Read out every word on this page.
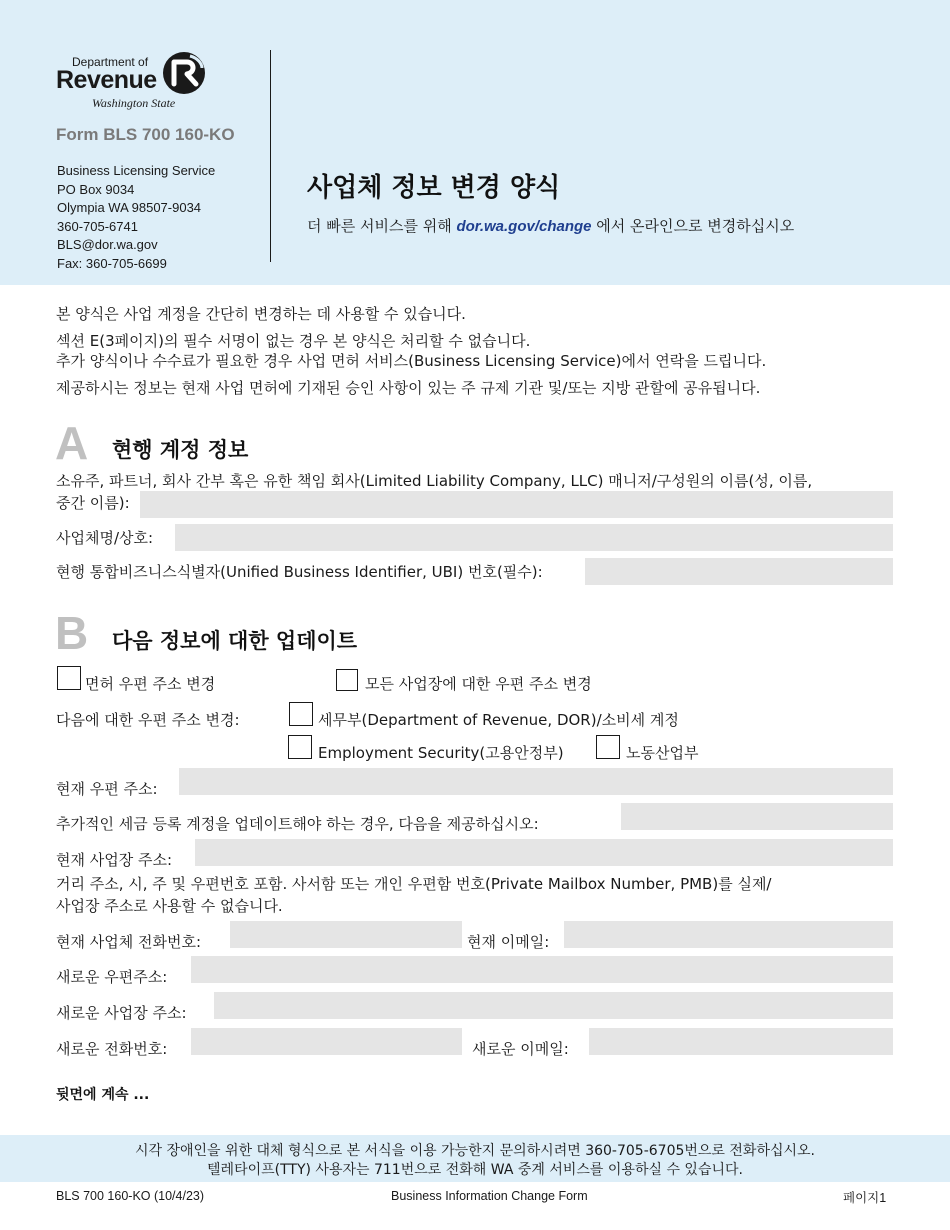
Department of
Revenue
Washington State
Form BLS 700 160-KO
Business Licensing Service
PO Box 9034
Olympia WA 98507-9034
360-705-6741
BLS@dor.wa.gov
Fax: 360-705-6699
사업체 정보 변경 양식
더 빠른 서비스를 위해 dor.wa.gov/change 에서 온라인으로 변경하십시오
본 양식은 사업 계정을 간단히 변경하는 데 사용할 수 있습니다.
섹션 E(3페이지)의 필수 서명이 없는 경우 본 양식은 처리할 수 없습니다.
추가 양식이나 수수료가 필요한 경우 사업 면허 서비스(Business Licensing Service)에서 연락을 드립니다.
제공하시는 정보는 현재 사업 면허에 기재된 승인 사항이 있는 주 규제 기관 및/또는 지방 관할에 공유됩니다.
A 현행 계정 정보
소유주, 파트너, 회사 간부 혹은 유한 책임 회사(Limited Liability Company, LLC) 매니저/구성원의 이름(성, 이름,
중간 이름):
사업체명/상호:
현행 통합비즈니스식별자(Unified Business Identifier, UBI) 번호(필수):
B 다음 정보에 대한 업데이트
면허 우편 주소 변경	모든 사업장에 대한 우편 주소 변경
다음에 대한 우편 주소 변경:	세무부(Department of Revenue, DOR)/소비세 계정
Employment Security(고용안정부)	노동산업부
현재 우편 주소:
추가적인 세금 등록 계정을 업데이트해야 하는 경우, 다음을 제공하십시오:
현재 사업장 주소:
거리 주소, 시, 주 및 우편번호 포함. 사서함 또는 개인 우편함 번호(Private Mailbox Number, PMB)를 실제/
사업장 주소로 사용할 수 없습니다.
현재 사업체 전화번호:	현재 이메일:
새로운 우편주소:
새로운 사업장 주소:
새로운 전화번호:	새로운 이메일:
뒷면에 계속 ...
시각 장애인을 위한 대체 형식으로 본 서식을 이용 가능한지 문의하시려면 360-705-6705번으로 전화하십시오.
텔레타이프(TTY) 사용자는 711번으로 전화해 WA 중계 서비스를 이용하실 수 있습니다.
BLS 700 160-KO (10/4/23)	Business Information Change Form	페이지1
